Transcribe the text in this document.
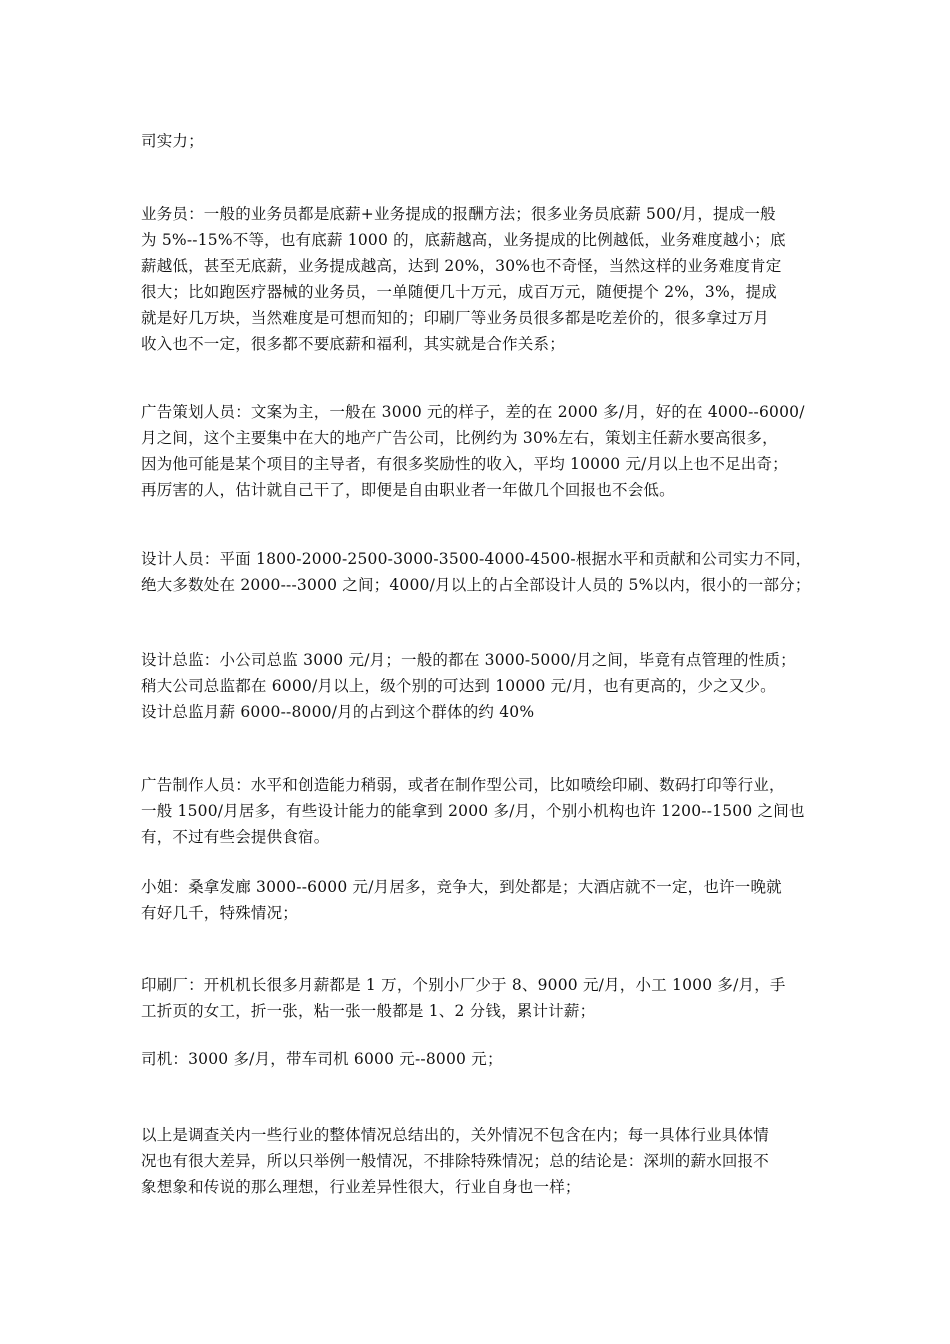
司实力；

业务员：一般的业务员都是底薪+业务提成的报酬方法；很多业务员底薪 500/月，提成一般
为 5%--15%不等，也有底薪 1000 的，底薪越高，业务提成的比例越低，业务难度越小；底
薪越低，甚至无底薪，业务提成越高，达到 20%，30%也不奇怪，当然这样的业务难度肯定
很大；比如跑医疗器械的业务员，一单随便几十万元，成百万元，随便提个 2%，3%，提成
就是好几万块，当然难度是可想而知的；印刷厂等业务员很多都是吃差价的，很多拿过万月
收入也不一定，很多都不要底薪和福利，其实就是合作关系；

广告策划人员：文案为主，一般在 3000 元的样子，差的在 2000 多/月，好的在 4000--6000/
月之间，这个主要集中在大的地产广告公司，比例约为 30%左右，策划主任薪水要高很多，
因为他可能是某个项目的主导者，有很多奖励性的收入，平均 10000 元/月以上也不足出奇；
再厉害的人，估计就自己干了，即便是自由职业者一年做几个回报也不会低。

设计人员：平面 1800-2000-2500-3000-3500-4000-4500-根据水平和贡献和公司实力不同，
绝大多数处在 2000---3000 之间；4000/月以上的占全部设计人员的 5%以内，很小的一部分；

设计总监：小公司总监 3000 元/月；一般的都在 3000-5000/月之间，毕竟有点管理的性质；
稍大公司总监都在 6000/月以上，级个别的可达到 10000 元/月，也有更高的，少之又少。
设计总监月薪 6000--8000/月的占到这个群体的约 40%

广告制作人员：水平和创造能力稍弱，或者在制作型公司，比如喷绘印刷、数码打印等行业，
一般 1500/月居多，有些设计能力的能拿到 2000 多/月，个别小机构也许 1200--1500 之间也
有，不过有些会提供食宿。

小姐：桑拿发廊 3000--6000 元/月居多，竞争大，到处都是；大酒店就不一定，也许一晚就
有好几千，特殊情况；

印刷厂：开机机长很多月薪都是 1 万，个别小厂少于 8、9000 元/月，小工 1000 多/月，手
工折页的女工，折一张，粘一张一般都是 1、2 分钱，累计计薪；

司机：3000 多/月，带车司机 6000 元--8000 元；

以上是调查关内一些行业的整体情况总结出的，关外情况不包含在内；每一具体行业具体情
况也有很大差异，所以只举例一般情况，不排除特殊情况；总的结论是：深圳的薪水回报不
象想象和传说的那么理想，行业差异性很大，行业自身也一样；
